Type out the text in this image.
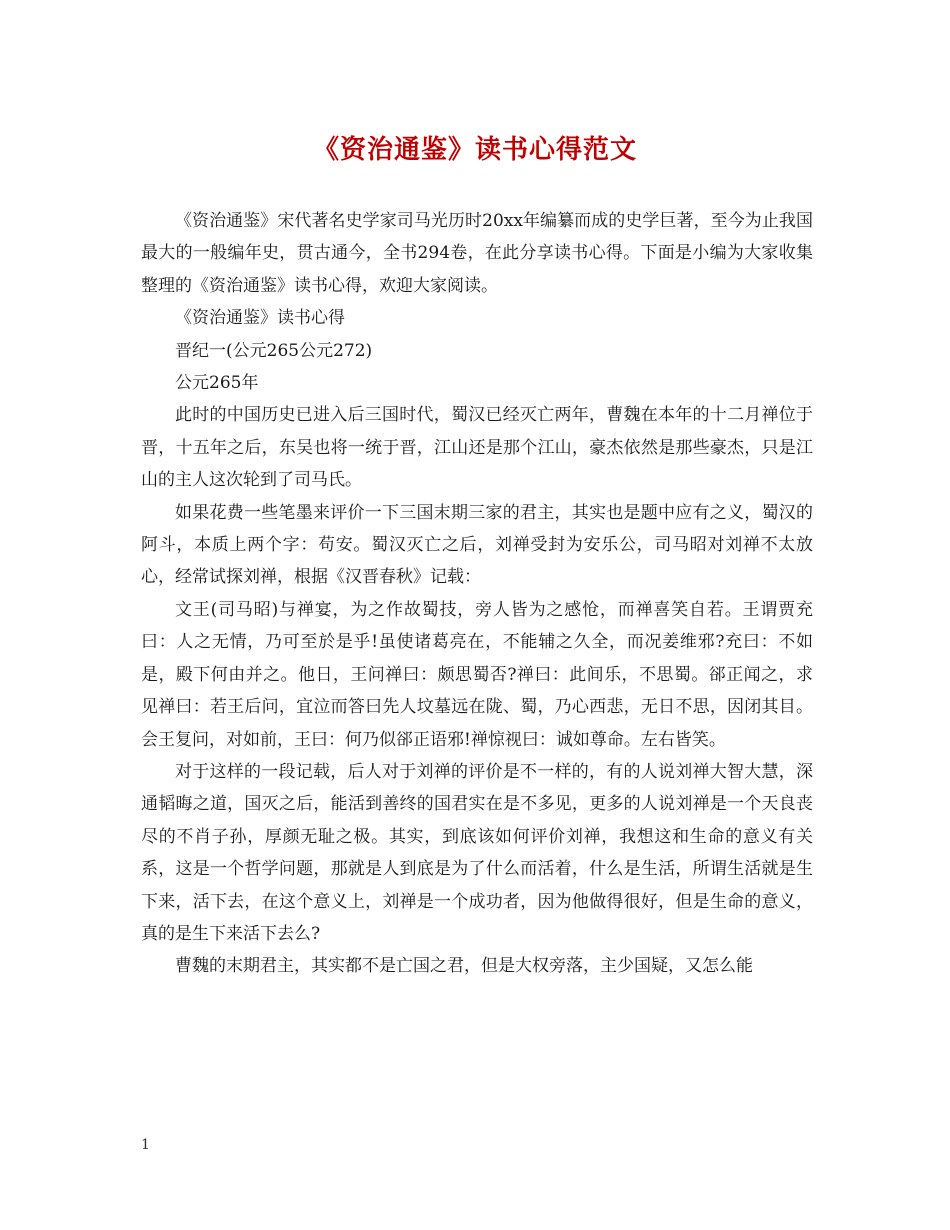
《资治通鉴》读书心得范文

《资治通鉴》宋代著名史学家司马光历时20xx年编纂而成的史学巨著，至今为止我国最大的一般编年史，贯古通今，全书294卷，在此分享读书心得。下面是小编为大家收集整理的《资治通鉴》读书心得，欢迎大家阅读。

《资治通鉴》读书心得

晋纪一(公元265公元272)

公元265年

此时的中国历史已进入后三国时代，蜀汉已经灭亡两年，曹魏在本年的十二月禅位于晋，十五年之后，东吴也将一统于晋，江山还是那个江山，豪杰依然是那些豪杰，只是江山的主人这次轮到了司马氏。

如果花费一些笔墨来评价一下三国末期三家的君主，其实也是题中应有之义，蜀汉的阿斗，本质上两个字：苟安。蜀汉灭亡之后，刘禅受封为安乐公，司马昭对刘禅不太放心，经常试探刘禅，根据《汉晋春秋》记载：

文王(司马昭)与禅宴，为之作故蜀技，旁人皆为之感怆，而禅喜笑自若。王谓贾充曰：人之无情，乃可至於是乎!虽使诸葛亮在，不能辅之久全，而况姜维邪?充曰：不如是，殿下何由并之。他日，王问禅曰：颇思蜀否?禅曰：此间乐，不思蜀。郤正闻之，求见禅曰：若王后问，宜泣而答曰先人坟墓远在陇、蜀，乃心西悲，无日不思，因闭其目。会王复问，对如前，王曰：何乃似郤正语邪!禅惊视曰：诚如尊命。左右皆笑。

对于这样的一段记载，后人对于刘禅的评价是不一样的，有的人说刘禅大智大慧，深通韬晦之道，国灭之后，能活到善终的国君实在是不多见，更多的人说刘禅是一个天良丧尽的不肖子孙，厚颜无耻之极。其实，到底该如何评价刘禅，我想这和生命的意义有关系，这是一个哲学问题，那就是人到底是为了什么而活着，什么是生活，所谓生活就是生下来，活下去，在这个意义上，刘禅是一个成功者，因为他做得很好，但是生命的意义，真的是生下来活下去么?

曹魏的末期君主，其实都不是亡国之君，但是大权旁落，主少国疑，又怎么能

1
